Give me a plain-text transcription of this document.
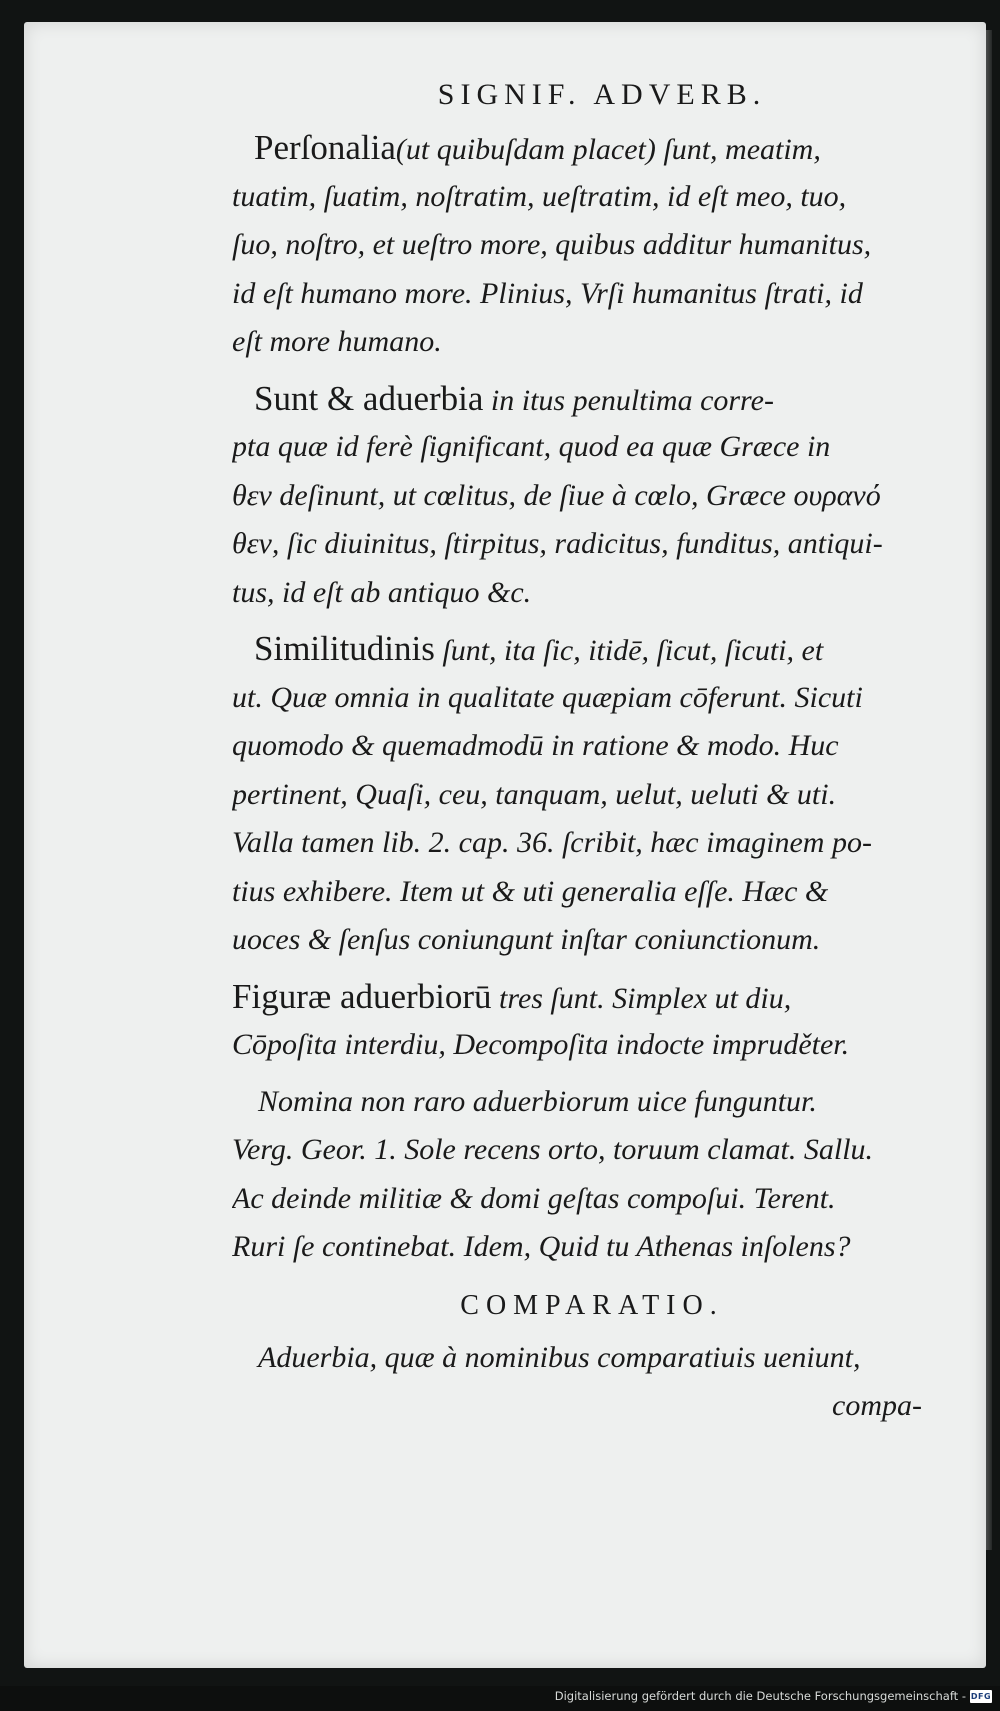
SIGNIF. ADVERB.
Perſonalia(ut quibuſdam placet) ſunt, meatim,
tuatim, ſuatim, noſtratim, ueſtratim, id eſt meo, tuo,
ſuo, noſtro, et ueſtro more, quibus additur humanitus,
id eſt humano more. Plinius, Vrſi humanitus ſtrati, id
eſt more humano.
Sunt & aduerbia in itus penultima corre-
pta quæ id ferè ſignificant, quod ea quæ Græce in
θεν deſinunt, ut cœlitus, de ſiue à cœlo, Græce ουρανό
θεν, ſic diuinitus, ſtirpitus, radicitus, funditus, antiqui-
tus, id eſt ab antiquo &c.
Similitudinis ſunt, ita ſic, itidē, ſicut, ſicuti, et
ut. Quæ omnia in qualitate quæpiam cōferunt. Sicuti
quomodo & quemadmodū in ratione & modo. Huc
pertinent, Quaſi, ceu, tanquam, uelut, ueluti & uti.
Valla tamen lib. 2. cap. 36. ſcribit, hæc imaginem po-
tius exhibere. Item ut & uti generalia eſſe. Hæc &
uoces & ſenſus coniungunt inſtar coniunctionum.
Figuræ aduerbiorū tres ſunt. Simplex ut diu,
Cōpoſita interdiu, Decompoſita indocte impruděter.
Nomina non raro aduerbiorum uice funguntur.
Verg. Geor. 1. Sole recens orto, toruum clamat. Sallu.
Ac deinde militiæ & domi geſtas compoſui. Terent.
Ruri ſe continebat. Idem, Quid tu Athenas inſolens?
COMPARATIO.
Aduerbia, quæ à nominibus comparatiuis ueniunt,
compa-
Digitalisierung gefördert durch die Deutsche Forschungsgemeinschaft - DFG
